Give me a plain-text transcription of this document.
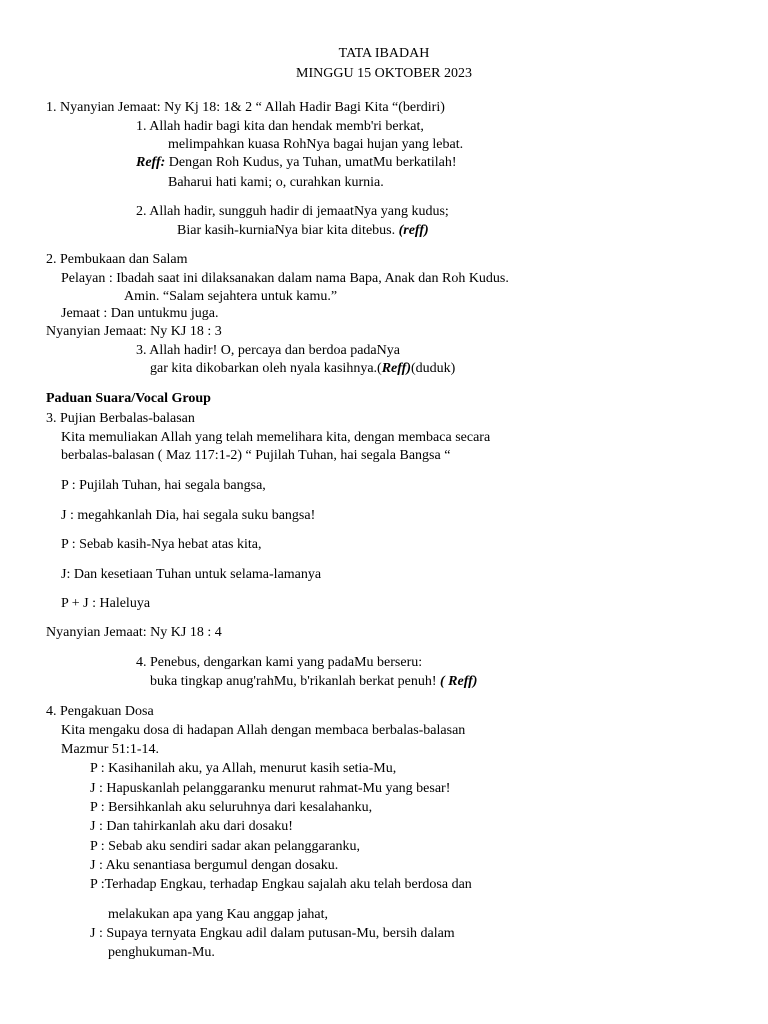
TATA IBADAH
MINGGU 15 OKTOBER 2023
1. Nyanyian Jemaat: Ny Kj 18: 1& 2 “ Allah Hadir Bagi Kita “(berdiri)
1. Allah hadir bagi kita dan hendak memb'ri berkat,
melimpahkan kuasa RohNya bagai hujan yang lebat.
Reff: Dengan Roh Kudus, ya Tuhan, umatMu berkatilah!
Baharui hati kami; o, curahkan kurnia.
2. Allah hadir, sungguh hadir di jemaatNya yang kudus;
Biar kasih-kurniaNya biar kita ditebus. (reff)
2. Pembukaan dan Salam
Pelayan : Ibadah saat ini dilaksanakan dalam nama Bapa, Anak dan Roh Kudus.
Amin. “Salam sejahtera untuk kamu.”
Jemaat : Dan untukmu juga.
Nyanyian Jemaat: Ny KJ 18 : 3
3. Allah hadir! O, percaya dan berdoa padaNya
gar kita dikobarkan oleh nyala kasihnya.(Reff)(duduk)
Paduan Suara/Vocal Group
3. Pujian Berbalas-balasan
Kita memuliakan Allah yang telah memelihara kita, dengan membaca secara
berbalas-balasan ( Maz 117:1-2) “ Pujilah Tuhan, hai segala Bangsa “
P : Pujilah Tuhan, hai segala bangsa,
J : megahkanlah Dia, hai segala suku bangsa!
P : Sebab kasih-Nya hebat atas kita,
J: Dan kesetiaan Tuhan untuk selama-lamanya
P + J : Haleluya
Nyanyian Jemaat: Ny KJ 18 : 4
4. Penebus, dengarkan kami yang padaMu berseru:
buka tingkap anug'rahMu, b'rikanlah berkat penuh! ( Reff)
4. Pengakuan Dosa
Kita mengaku dosa di hadapan Allah dengan membaca berbalas-balasan
Mazmur 51:1-14.
P : Kasihanilah aku, ya Allah, menurut kasih setia-Mu,
J : Hapuskanlah pelanggaranku menurut rahmat-Mu yang besar!
P : Bersihkanlah aku seluruhnya dari kesalahanku,
J : Dan tahirkanlah aku dari dosaku!
P : Sebab aku sendiri sadar akan pelanggaranku,
J : Aku senantiasa bergumul dengan dosaku.
P :Terhadap Engkau, terhadap Engkau sajalah aku telah berdosa dan
melakukan apa yang Kau anggap jahat,
J : Supaya ternyata Engkau adil dalam putusan-Mu, bersih dalam
penghukuman-Mu.
